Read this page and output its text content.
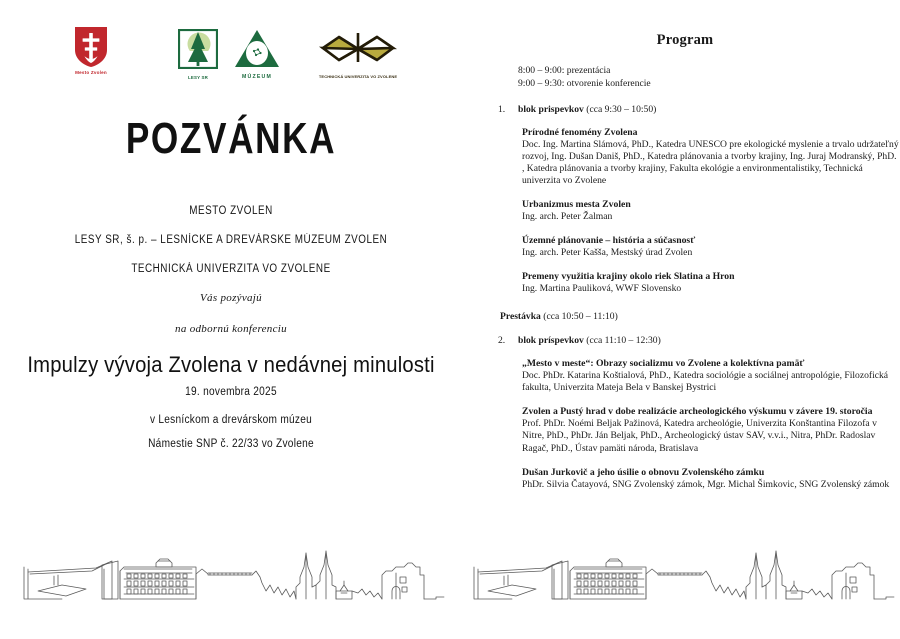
Mesto Zvolen
LESY SR	MÚZEUM	TECHNICKÁ UNIVERZITA VO ZVOLENE
POZVÁNKA
MESTO ZVOLEN
LESY SR, š. p. – LESNÍCKE A DREVÁRSKE MÚZEUM ZVOLEN
TECHNICKÁ UNIVERZITA VO ZVOLENE
Vás pozývajú
na odbornú konferenciu
Impulzy vývoja Zvolena v nedávnej minulosti
19. novembra 2025
v Lesníckom a drevárskom múzeu
Námestie SNP č. 22/33 vo Zvolene
Program
8:00 – 9:00: prezentácia
9:00 – 9:30: otvorenie konferencie
1. blok prispevkov (cca 9:30 – 10:50)
Prírodné fenomény Zvolena
Doc. Ing. Martina Slámová, PhD., Katedra UNESCO pre ekologické myslenie a trvalo udržateľný rozvoj, Ing. Dušan Daniš, PhD., Katedra plánovania a tvorby krajiny, Ing. Juraj Modranský, PhD. , Katedra plánovania a tvorby krajiny, Fakulta ekológie a environmentalistiky, Technická univerzita vo Zvolene
Urbanizmus mesta Zvolen
Ing. arch. Peter Žalman
Územné plánovanie – história a súčasnosť
Ing. arch. Peter Kašša, Mestský úrad Zvolen
Premeny využitia krajiny okolo riek Slatina a Hron
Ing. Martina Pauliková, WWF Slovensko
Prestávka (cca 10:50 – 11:10)
2. blok príspevkov (cca 11:10 – 12:30)
„Mesto v meste“: Obrazy socializmu vo Zvolene a kolektívna pamäť
Doc. PhDr. Katarina Koštialová, PhD., Katedra sociológie a sociálnej antropológie, Filozofická fakulta, Univerzita Mateja Bela v Banskej Bystrici
Zvolen a Pustý hrad v dobe realizácie archeologického výskumu v závere 19. storočia
Prof. PhDr. Noémi Beljak Pažinová, Katedra archeológie, Univerzita Konštantina Filozofa v Nitre, PhD., PhDr. Ján Beljak, PhD., Archeologický ústav SAV, v.v.i., Nitra, PhDr. Radoslav Ragač, PhD., Ústav pamäti národa, Bratislava
Dušan Jurkovič a jeho úsilie o obnovu Zvolenského zámku
PhDr. Silvia Čatayová, SNG Zvolenský zámok, Mgr. Michal Šimkovic, SNG Zvolenský zámok
